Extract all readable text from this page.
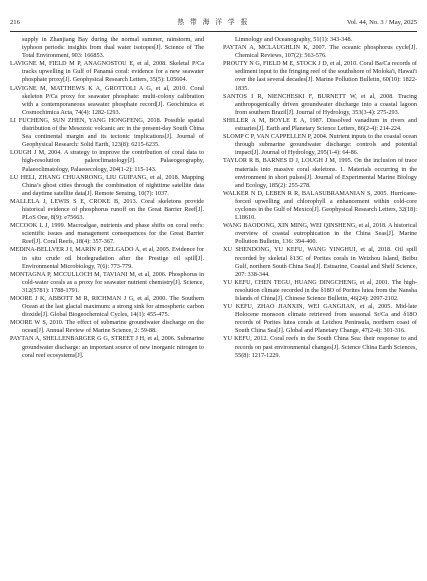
216	热 带 海 洋 学 报	Vol. 44, No. 3 / May, 2025

supply in Zhanjiang Bay during the normal summer, rainstorm, and typhoon periods: insights from dual water isotopes[J]. Science of The Total Environment, 903: 166853.

LAVIGNE M, FIELD M P, ANAGNOSTOU E, et al, 2008. Skeletal P/Ca tracks upwelling in Gulf of Panamá coral: evidence for a new seawater phosphate proxy[J]. Geophysical Research Letters, 35(5): L05604.

LAVIGNE M, MATTHEWS K A, GROTTOLI A G, et al, 2010. Coral skeleton P/Ca proxy for seawater phosphate: multi-colony calibration with a contemporaneous seawater phosphate record[J]. Geochimica et Cosmochimica Acta, 74(4): 1282-1293.

LI FUCHENG, SUN ZHEN, YANG HONGFENG, 2018. Possible spatial distribution of the Mesozoic volcanic arc in the present-day South China Sea continental margin and its tectonic implications[J]. Journal of Geophysical Research: Solid Earth, 123(8): 6215-6235.

LOUGH J M, 2004. A strategy to improve the contribution of coral data to high-resolution paleoclimatology[J]. Palaeogeography, Palaeoclimatology, Palaeoecology, 204(1-2): 115-143.

LU HELI, ZHANG CHUANRONG, LIU GUIFANG, et al, 2018. Mapping China’s ghost cities through the combination of nighttime satellite data and daytime satellite data[J]. Remote Sensing, 10(7): 1037.

MALLELA J, LEWIS S E, CROKE B, 2013. Coral skeletons provide historical evidence of phosphorus runoff on the Great Barrier Reef[J]. PLoS One, 8(9): e75663.

MCCOOK L J, 1999. Macroalgae, nutrients and phase shifts on coral reefs: scientific issues and management consequences for the Great Barrier Reef[J]. Coral Reefs, 18(4): 357-367.

MEDINA-BELLVER J I, MARÍN P, DELGADO A, et al, 2005. Evidence for in situ crude oil biodegradation after the Prestige oil spill[J]. Environmental Microbiology, 7(6): 773-779.

MONTAGNA P, MCCULLOCH M, TAVIANI M, et al, 2006. Phosphorus in cold-water corals as a proxy for seawater nutrient chemistry[J]. Science, 312(5781): 1788-1791.

MOORE J K, ABBOTT M R, RICHMAN J G, et al, 2000. The Southern Ocean at the last glacial maximum: a strong sink for atmospheric carbon dioxide[J]. Global Biogeochemical Cycles, 14(1): 455-475.

MOORE W S, 2010. The effect of submarine groundwater discharge on the ocean[J]. Annual Review of Marine Science, 2: 59-88.

PAYTAN A, SHELLENBARGER G G, STREET J H, et al, 2006. Submarine groundwater discharge: an important source of new inorganic nitrogen to coral reef ecosystems[J].

Limnology and Oceanography, 51(1): 343-348.

PAYTAN A, MCLAUGHLIN K, 2007. The oceanic phosphorus cycle[J]. Chemical Reviews, 107(2): 563-576.

PROUTY N G, FIELD M E, STOCK J D, et al, 2010. Coral Ba/Ca records of sediment input to the fringing reef of the southshore of Moloka'i, Hawai'i over the last several decades[J]. Marine Pollution Bulletin, 60(10): 1822-1835.

SANTOS I R, NIENCHESKI F, BURNETT W, et al, 2008. Tracing anthropogenically driven groundwater discharge into a coastal lagoon from southern Brazil[J]. Journal of Hydrology, 353(3-4): 275-293.

SHILLER A M, BOYLE E A, 1987. Dissolved vanadium in rivers and estuaries[J]. Earth and Planetary Science Letters, 86(2-4): 214-224.

SLOMP C P, VAN CAPPELLEN P, 2004. Nutrient inputs to the coastal ocean through submarine groundwater discharge: controls and potential impact[J]. Journal of Hydrology, 295(1-4): 64-86.

TAYLOR R B, BARNES D J, LOUGH J M, 1995. On the inclusion of trace materials into massive coral skeletons. 1. Materials occurring in the environment in short pulses[J]. Journal of Experimental Marine Biology and Ecology, 185(2): 255-278.

WALKER N D, LEBEN R R, BALASUBRAMANIAN S, 2005. Hurricane-forced upwelling and chlorophyll a enhancement within cold-core cyclones in the Gulf of Mexico[J]. Geophysical Research Letters, 32(18): L18610.

WANG BAODONG, XIN MING, WEI QINSHENG, et al, 2018. A historical overview of coastal eutrophication in the China Seas[J]. Marine Pollution Bulletin, 136: 394-400.

XU SHENDONG, YU KEFU, WANG YINGHUI, et al, 2018. Oil spill recorded by skeletal δ13C of Porites corals in Weizhou Island, Beibu Gulf, northern South China Sea[J]. Estuarine, Coastal and Shelf Science, 207: 338-344.

YU KEFU, CHEN TEGU, HUANG DINGCHENG, et al, 2001. The high-resolution climate recorded in the δ18O of Porites lutea from the Nansha Islands of China[J]. Chinese Science Bulletin, 46(24): 2097-2102.

YU KEFU, ZHAO JIANXIN, WEI GANGJIAN, et al, 2005. Mid-late Holocene monsoon climate retrieved from seasonal Sr/Ca and δ18O records of Porites lutea corals at Leizhou Peninsula, northern coast of South China Sea[J]. Global and Planetary Change, 47(2-4): 301-316.

YU KEFU, 2012. Coral reefs in the South China Sea: their response to and records on past environmental changes[J]. Science China Earth Sciences, 55(8): 1217-1229.
